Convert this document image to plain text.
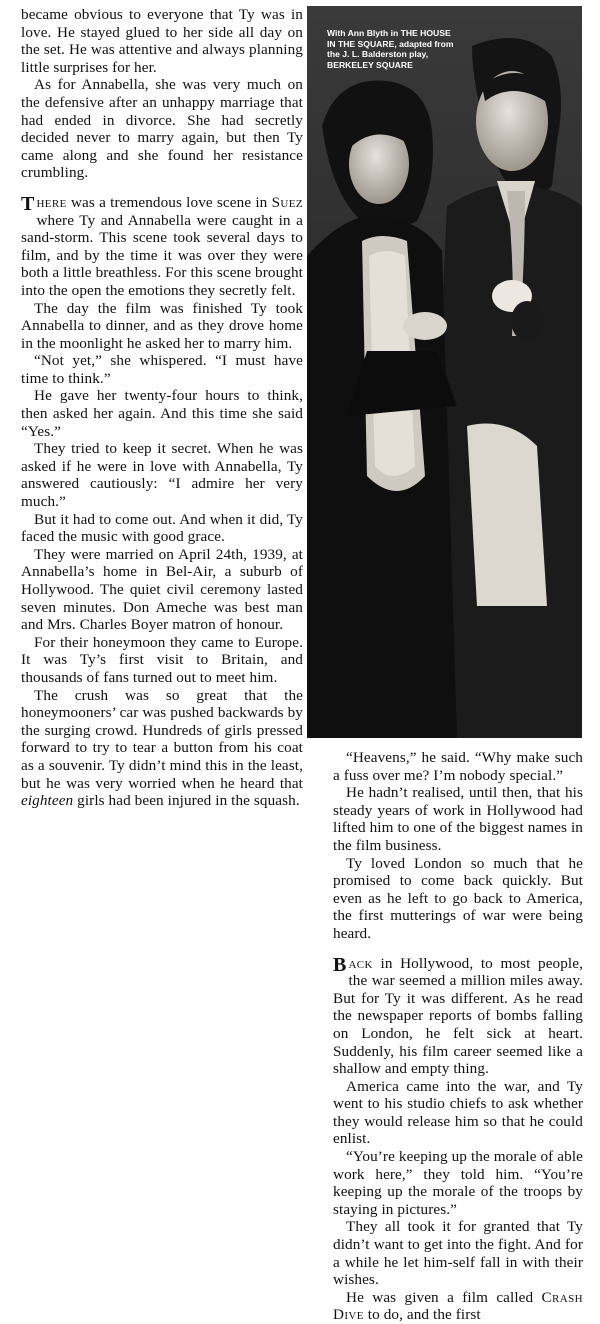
became obvious to everyone that Ty was in love. He stayed glued to her side all day on the set. He was attentive and always planning little surprises for her.

As for Annabella, she was very much on the defensive after an unhappy marriage that had ended in divorce. She had secretly decided never to marry again, but then Ty came along and she found her resistance crumbling.

T here was a tremendous love scene in Suez where Ty and Annabella were caught in a sand-storm. This scene took several days to film, and by the time it was over they were both a little breathless. For this scene brought into the open the emotions they secretly felt.

The day the film was finished Ty took Annabella to dinner, and as they drove home in the moonlight he asked her to marry him.

“Not yet,” she whispered. “I must have time to think.”

He gave her twenty-four hours to think, then asked her again. And this time she said “Yes.”

They tried to keep it secret. When he was asked if he were in love with Annabella, Ty answered cautiously: “I admire her very much.”

But it had to come out. And when it did, Ty faced the music with good grace.

They were married on April 24th, 1939, at Annabella’s home in Bel-Air, a suburb of Hollywood. The quiet civil ceremony lasted seven minutes. Don Ameche was best man and Mrs. Charles Boyer matron of honour.

For their honeymoon they came to Europe. It was Ty’s first visit to Britain, and thousands of fans turned out to meet him.

The crush was so great that the honeymooners’ car was pushed backwards by the surging crowd. Hundreds of girls pressed forward to try to tear a button from his coat as a souvenir. Ty didn’t mind this in the least, but he was very worried when he heard that eighteen girls had been injured in the squash.

With Ann Blyth in THE HOUSE IN THE SQUARE, adapted from the J. L. Balderston play, BERKELEY SQUARE

“Heavens,” he said. “Why make such a fuss over me? I’m nobody special.”

He hadn’t realised, until then, that his steady years of work in Hollywood had lifted him to one of the biggest names in the film business.

Ty loved London so much that he promised to come back quickly. But even as he left to go back to America, the first mutterings of war were being heard.

B ack in Hollywood, to most people, the war seemed a million miles away. But for Ty it was different. As he read the newspaper reports of bombs falling on London, he felt sick at heart. Suddenly, his film career seemed like a shallow and empty thing.

America came into the war, and Ty went to his studio chiefs to ask whether they would release him so that he could enlist.

“You’re keeping up the morale of able work here,” they told him. “You’re keeping up the morale of the troops by staying in pictures.”

They all took it for granted that Ty didn’t want to get into the fight. And for a while he let him-self fall in with their wishes.

He was given a film called Crash Dive to do, and the first
